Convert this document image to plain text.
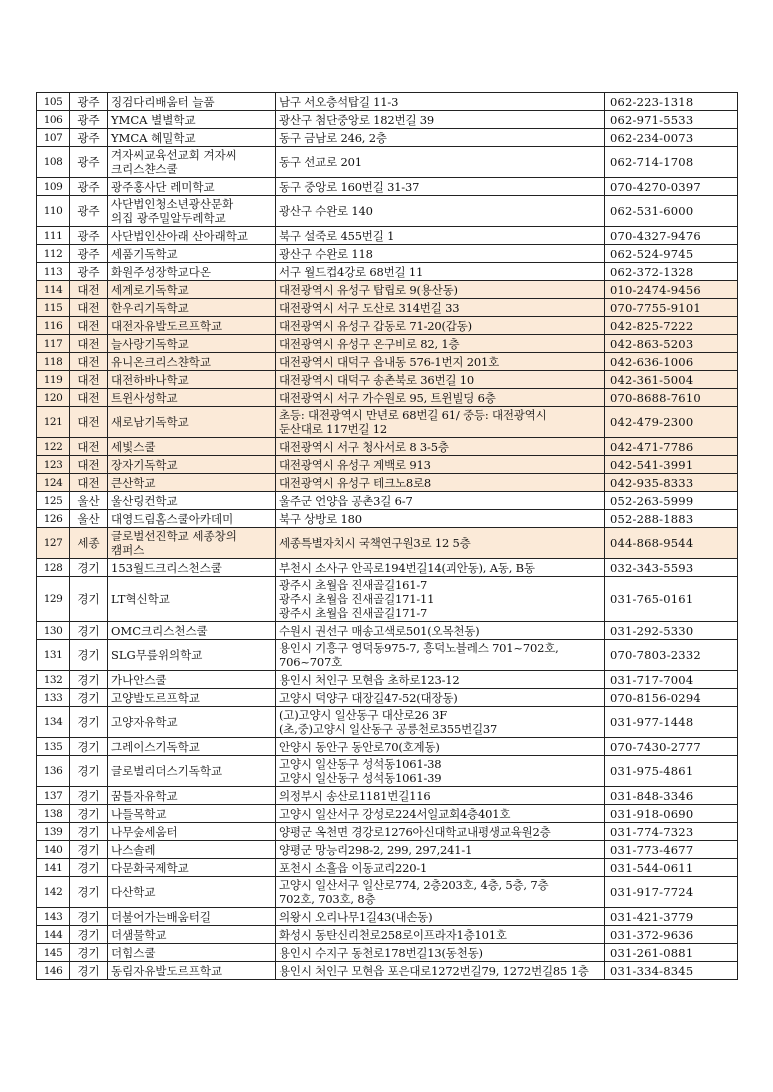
105	광주	징검다리배움터 늘품	남구 서오층석탑길 11-3	062-223-1318
106	광주	YMCA 별별학교	광산구 첨단중앙로 182번길 39	062-971-5533
107	광주	YMCA 혜밀학교	동구 금남로 246, 2층	062-234-0073
108	광주	겨자씨교육선교회 겨자씨
크리스챤스쿨	동구 선교로 201	062-714-1708
109	광주	광주홍사단 레미학교	동구 중앙로 160번길 31-37	070-4270-0397
110	광주	사단법인청소년광산문화
의집 광주밀알두레학교	광산구 수완로 140	062-531-6000
111	광주	사단법인산아래 산아래학교	북구 설죽로 455번길 1	070-4327-9476
112	광주	세품기독학교	광산구 수완로 118	062-524-9745
113	광주	화원주성장학교다온	서구 월드컵4강로 68번길 11	062-372-1328
114	대전	세계로기독학교	대전광역시 유성구 탑립로 9(용산동)	010-2474-9456
115	대전	한우리기독학교	대전광역시 서구 도산로 314번길 33	070-7755-9101
116	대전	대전자유발도르프학교	대전광역시 유성구 갑동로 71-20(갑동)	042-825-7222
117	대전	늘사랑기독학교	대전광역시 유성구 온구비로 82, 1층	042-863-5203
118	대전	유니온크리스챤학교	대전광역시 대덕구 읍내동 576-1번지 201호	042-636-1006
119	대전	대전하바나학교	대전광역시 대덕구 송촌북로 36번길 10	042-361-5004
120	대전	트윈사성학교	대전광역시 서구 가수원로 95, 트윈빌딩 6층	070-8688-7610
121	대전	새로남기독학교	초등: 대전광역시 만년로 68번길 61/ 중등: 대전광역시
둔산대로 117번길 12	042-479-2300
122	대전	세빛스쿨	대전광역시 서구 청사서로 8 3-5층	042-471-7786
123	대전	장자기독학교	대전광역시 유성구 계백로 913	042-541-3991
124	대전	큰산학교	대전광역시 유성구 테크노8로8	042-935-8333
125	울산	울산링컨학교	울주군 언양읍 공촌3길 6-7	052-263-5999
126	울산	대영드림홈스쿨아카데미	북구 상방로 180	052-288-1883
127	세종	글로벌선진학교 세종창의
캠퍼스	세종특별자치시 국책연구원3로 12 5층	044-868-9544
128	경기	153월드크리스천스쿨	부천시 소사구 안곡로194번길14(괴안동), A동, B동	032-343-5593
129	경기	LT혁신학교	광주시 초월읍 진새골길161-7
광주시 초월읍 진새골길171-11
광주시 초월읍 진새골길171-7	031-765-0161
130	경기	OMC크리스천스쿨	수원시 권선구 매송고색로501(오목천동)	031-292-5330
131	경기	SLG무릎위의학교	용인시 기흥구 영덕동975-7, 흥덕노블레스 701~702호,
706~707호	070-7803-2332
132	경기	가나안스쿨	용인시 처인구 모현읍 초하로123-12	031-717-7004
133	경기	고양발도르프학교	고양시 덕양구 대장길47-52(대장동)	070-8156-0294
134	경기	고양자유학교	(고)고양시 일산동구 대산로26 3F
(초,중)고양시 일산동구 공릉천로355번길37	031-977-1448
135	경기	그레이스기독학교	안양시 동안구 동안로70(호계동)	070-7430-2777
136	경기	글로벌리더스기독학교	고양시 일산동구 성석동1061-38
고양시 일산동구 성석동1061-39	031-975-4861
137	경기	꿈틀자유학교	의정부시 송산로1181번길116	031-848-3346
138	경기	나들목학교	고양시 일산서구 강성로224서일교회4층401호	031-918-0690
139	경기	나무숲세움터	양평군 옥천면 경강로1276아신대학교내평생교육원2층	031-774-7323
140	경기	나스솔레	양평군 망능리298-2, 299, 297,241-1	031-773-4677
141	경기	다문화국제학교	포천시 소흘읍 이동교리220-1	031-544-0611
142	경기	다산학교	고양시 일산서구 일산로774, 2층203호, 4층, 5층, 7층
702호, 703호, 8층	031-917-7724
143	경기	더불어가는배움터길	의왕시 오리나무1길43(내손동)	031-421-3779
144	경기	더샘물학교	화성시 동탄신리천로258로이프라자1층101호	031-372-9636
145	경기	더힘스쿨	용인시 수지구 동천로178번길13(동천동)	031-261-0881
146	경기	동림자유발도르프학교	용인시 처인구 모현읍 포은대로1272번길79, 1272번길85 1층	031-334-8345
